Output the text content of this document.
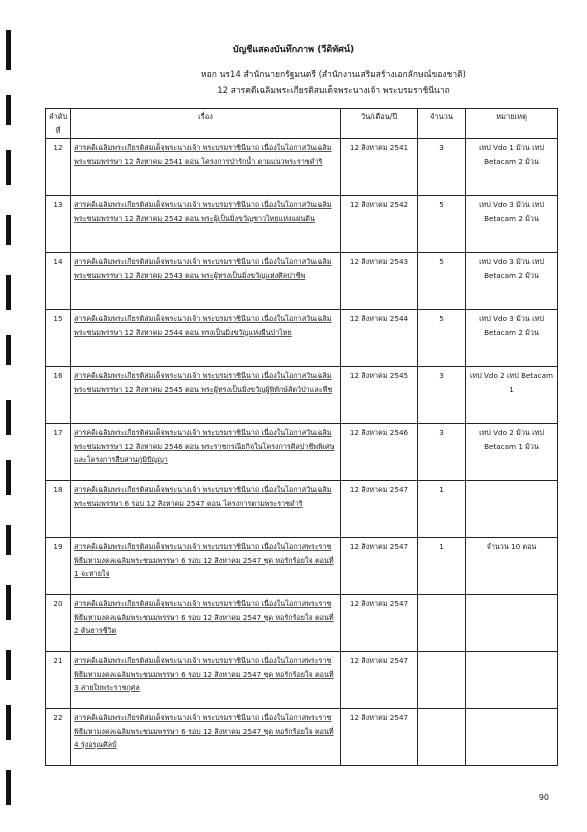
บัญชีแสดงบันทึกภาพ (วีดิทัศน์)
หอก นร14 สำนักนายกรัฐมนตรี (สำนักงานเสริมสร้างเอกลักษณ์ของชาติ)
12 สารคดีเฉลิมพระเกียรติสมเด็จพระนางเจ้า พระบรมราชินีนาถ
ลำดับที่	เรื่อง	วัน/เดือน/ปี	จำนวน	หมายเหตุ
12	สารคดีเฉลิมพระเกียรติสมเด็จพระนางเจ้า พระบรมราชินีนาถ เนื่องในโอกาสวันเฉลิมพระชนมพรรษา 12 สิงหาคม 2541 ตอน โครงการป่ารักน้ำ ตามแนวพระราชดำริ	12 สิงหาคม 2541	3	เทป Vdo 1 ม้วน เทป Betacam 2 ม้วน
13	สารคดีเฉลิมพระเกียรติสมเด็จพระนางเจ้า พระบรมราชินีนาถ เนื่องในโอกาสวันเฉลิมพระชนมพรรษา 12 สิงหาคม 2542 ตอน พระผู้เป็นมิ่งขวัญชาวไทยแห่งแผ่นดิน	12 สิงหาคม 2542	5	เทป Vdo 3 ม้วน เทป Betacam 2 ม้วน
14	สารคดีเฉลิมพระเกียรติสมเด็จพระนางเจ้า พระบรมราชินีนาถ เนื่องในโอกาสวันเฉลิมพระชนมพรรษา 12 สิงหาคม 2543 ตอน พระผู้ทรงเป็นมิ่งขวัญแห่งศิลปาชีพ	12 สิงหาคม 2543	5	เทป Vdo 3 ม้วน เทป Betacam 2 ม้วน
15	สารคดีเฉลิมพระเกียรติสมเด็จพระนางเจ้า พระบรมราชินีนาถ เนื่องในโอกาสวันเฉลิมพระชนมพรรษา 12 สิงหาคม 2544 ตอน ทรงเป็นมิ่งขวัญแห่งผืนป่าไทย	12 สิงหาคม 2544	5	เทป Vdo 3 ม้วน เทป Betacam 2 ม้วน
16	สารคดีเฉลิมพระเกียรติสมเด็จพระนางเจ้า พระบรมราชินีนาถ เนื่องในโอกาสวันเฉลิมพระชนมพรรษา 12 สิงหาคม 2545 ตอน พระผู้ทรงเป็นมิ่งขวัญผู้พิทักษ์สัตว์ป่าและพืช	12 สิงหาคม 2545	3	เทป Vdo 2 เทป Betacam 1
17	สารคดีเฉลิมพระเกียรติสมเด็จพระนางเจ้า พระบรมราชินีนาถ เนื่องในโอกาสวันเฉลิมพระชนมพรรษา 12 สิงหาคม 2546 ตอน พระราชกรณียกิจในโครงการศิลปาชีพพิเศษและโครงการสืบสานภูมิปัญญา	12 สิงหาคม 2546	3	เทป Vdo 2 ม้วน เทป Betacam 1 ม้วน
18	สารคดีเฉลิมพระเกียรติสมเด็จพระนางเจ้า พระบรมราชินีนาถ เนื่องในโอกาสวันเฉลิมพระชนมพรรษา 6 รอบ 12 สิงหาคม 2547 ตอน โครงการตามพระราชดำริ	12 สิงหาคม 2547	1	
19	สารคดีเฉลิมพระเกียรติสมเด็จพระนางเจ้า พระบรมราชินีนาถ เนื่องในโอกาสพระราชพิธีมหามงคลเฉลิมพระชนมพรรษา 6 รอบ 12 สิงหาคม 2547 ชุด หอรักร้อยใจ ตอนที่ 1 จะหายใจ	12 สิงหาคม 2547	1	จำนวน 10 ตอน
20	สารคดีเฉลิมพระเกียรติสมเด็จพระนางเจ้า พระบรมราชินีนาถ เนื่องในโอกาสพระราชพิธีมหามงคลเฉลิมพระชนมพรรษา 6 รอบ 12 สิงหาคม 2547 ชุด หอรักร้อยใจ ตอนที่ 2 ต้นธารชีวิต	12 สิงหาคม 2547		
21	สารคดีเฉลิมพระเกียรติสมเด็จพระนางเจ้า พระบรมราชินีนาถ เนื่องในโอกาสพระราชพิธีมหามงคลเฉลิมพระชนมพรรษา 6 รอบ 12 สิงหาคม 2547 ชุด หอรักร้อยใจ ตอนที่ 3 สายใยพระราชกุศล	12 สิงหาคม 2547		
22	สารคดีเฉลิมพระเกียรติสมเด็จพระนางเจ้า พระบรมราชินีนาถ เนื่องในโอกาสพระราชพิธีมหามงคลเฉลิมพระชนมพรรษา 6 รอบ 12 สิงหาคม 2547 ชุด หอรักร้อยใจ ตอนที่ 4 รุ่งอรุณศิลป์	12 สิงหาคม 2547		
90
